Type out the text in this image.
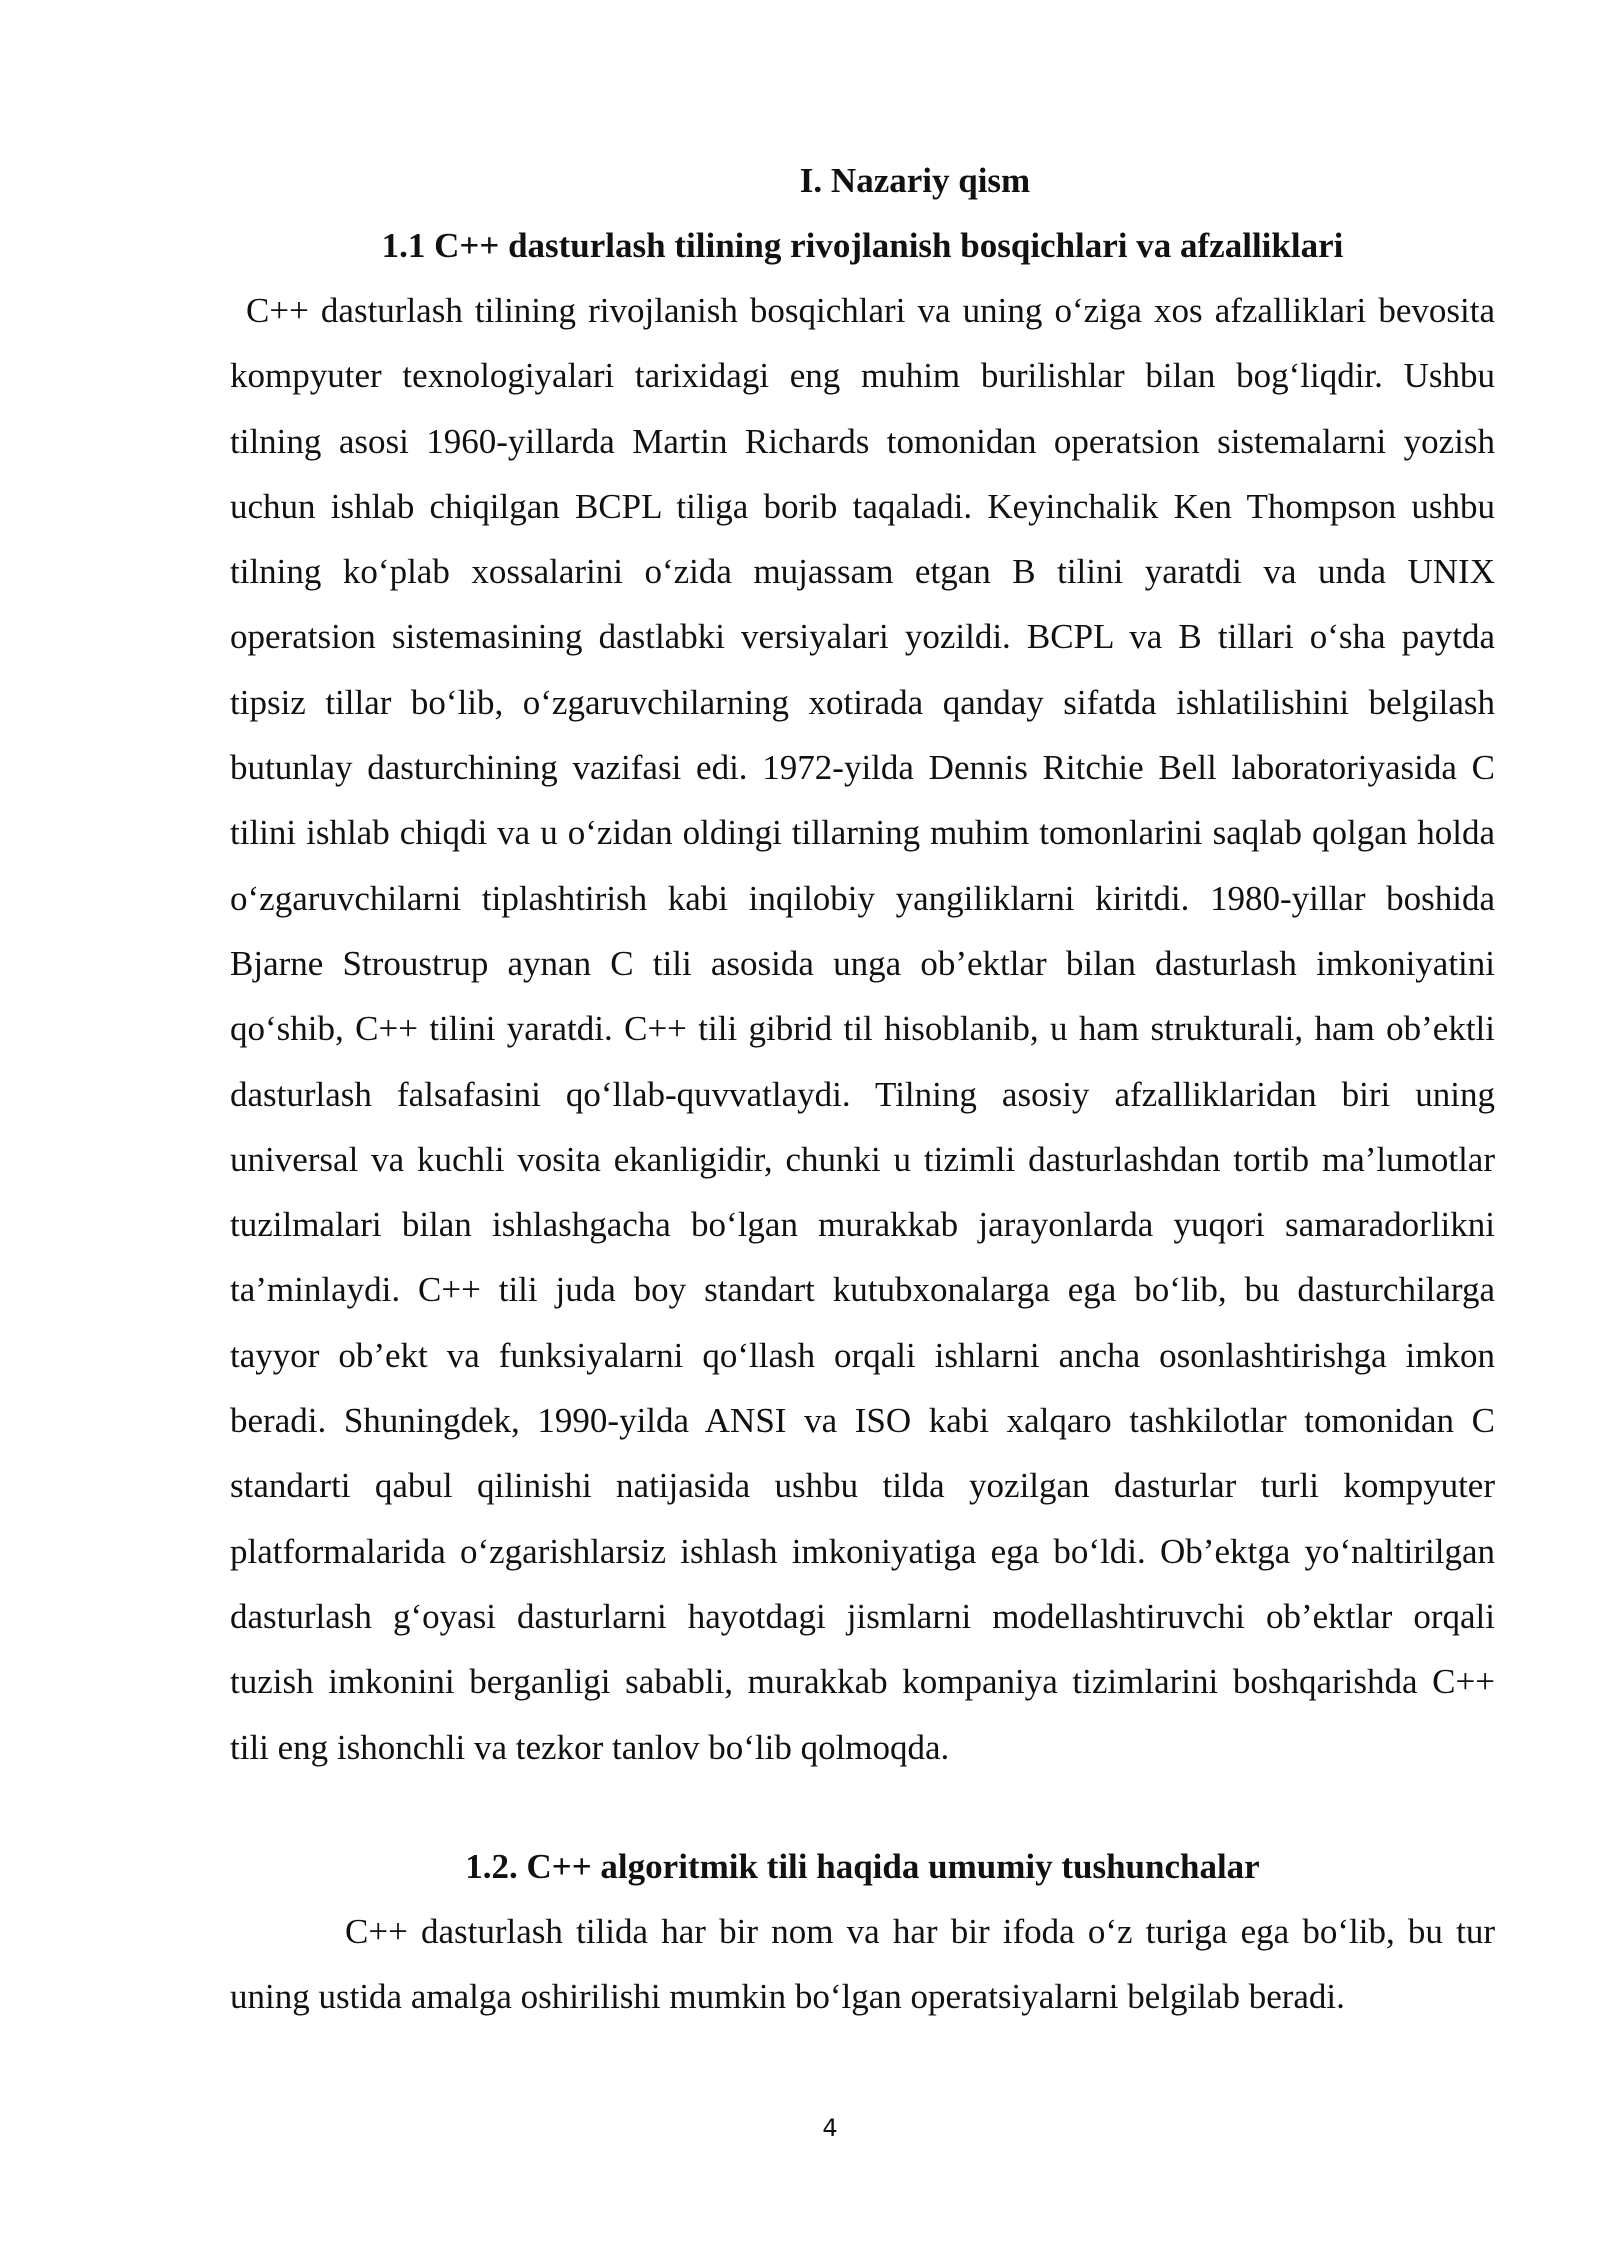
I. Nazariy qism
1.1 C++ dasturlash tilining rivojlanish bosqichlari va afzalliklari

C++ dasturlash tilining rivojlanish bosqichlari va uning o‘ziga xos afzalliklari bevosita kompyuter texnologiyalari tarixidagi eng muhim burilishlar bilan bog‘liqdir. Ushbu tilning asosi 1960-yillarda Martin Richards tomonidan operatsion sistemalarni yozish uchun ishlab chiqilgan BCPL tiliga borib taqaladi. Keyinchalik Ken Thompson ushbu tilning ko‘plab xossalarini o‘zida mujassam etgan B tilini yaratdi va unda UNIX operatsion sistemasining dastlabki versiyalari yozildi. BCPL va B tillari o‘sha paytda tipsiz tillar bo‘lib, o‘zgaruvchilarning xotirada qanday sifatda ishlatilishini belgilash butunlay dasturchining vazifasi edi. 1972-yilda Dennis Ritchie Bell laboratoriyasida C tilini ishlab chiqdi va u o‘zidan oldingi tillarning muhim tomonlarini saqlab qolgan holda o‘zgaruvchilarni tiplashtirish kabi inqilobiy yangiliklarni kiritdi. 1980-yillar boshida Bjarne Stroustrup aynan C tili asosida unga ob’ektlar bilan dasturlash imkoniyatini qo‘shib, C++ tilini yaratdi. C++ tili gibrid til hisoblanib, u ham strukturali, ham ob’ektli dasturlash falsafasini qo‘llab-quvvatlaydi. Tilning asosiy afzalliklaridan biri uning universal va kuchli vosita ekanligidir, chunki u tizimli dasturlashdan tortib ma’lumotlar tuzilmalari bilan ishlashgacha bo‘lgan murakkab jarayonlarda yuqori samaradorlikni ta’minlaydi. C++ tili juda boy standart kutubxonalarga ega bo‘lib, bu dasturchilarga tayyor ob’ekt va funksiyalarni qo‘llash orqali ishlarni ancha osonlashtirishga imkon beradi. Shuningdek, 1990-yilda ANSI va ISO kabi xalqaro tashkilotlar tomonidan C standarti qabul qilinishi natijasida ushbu tilda yozilgan dasturlar turli kompyuter platformalarida o‘zgarishlarsiz ishlash imkoniyatiga ega bo‘ldi. Ob’ektga yo‘naltirilgan dasturlash g‘oyasi dasturlarni hayotdagi jismlarni modellashtiruvchi ob’ektlar orqali tuzish imkonini berganligi sababli, murakkab kompaniya tizimlarini boshqarishda C++ tili eng ishonchli va tezkor tanlov bo‘lib qolmoqda.

1.2. C++ algoritmik tili haqida umumiy tushunchalar

C++ dasturlash tilida har bir nom va har bir ifoda o‘z turiga ega bo‘lib, bu tur uning ustida amalga oshirilishi mumkin bo‘lgan operatsiyalarni belgilab beradi.

4
